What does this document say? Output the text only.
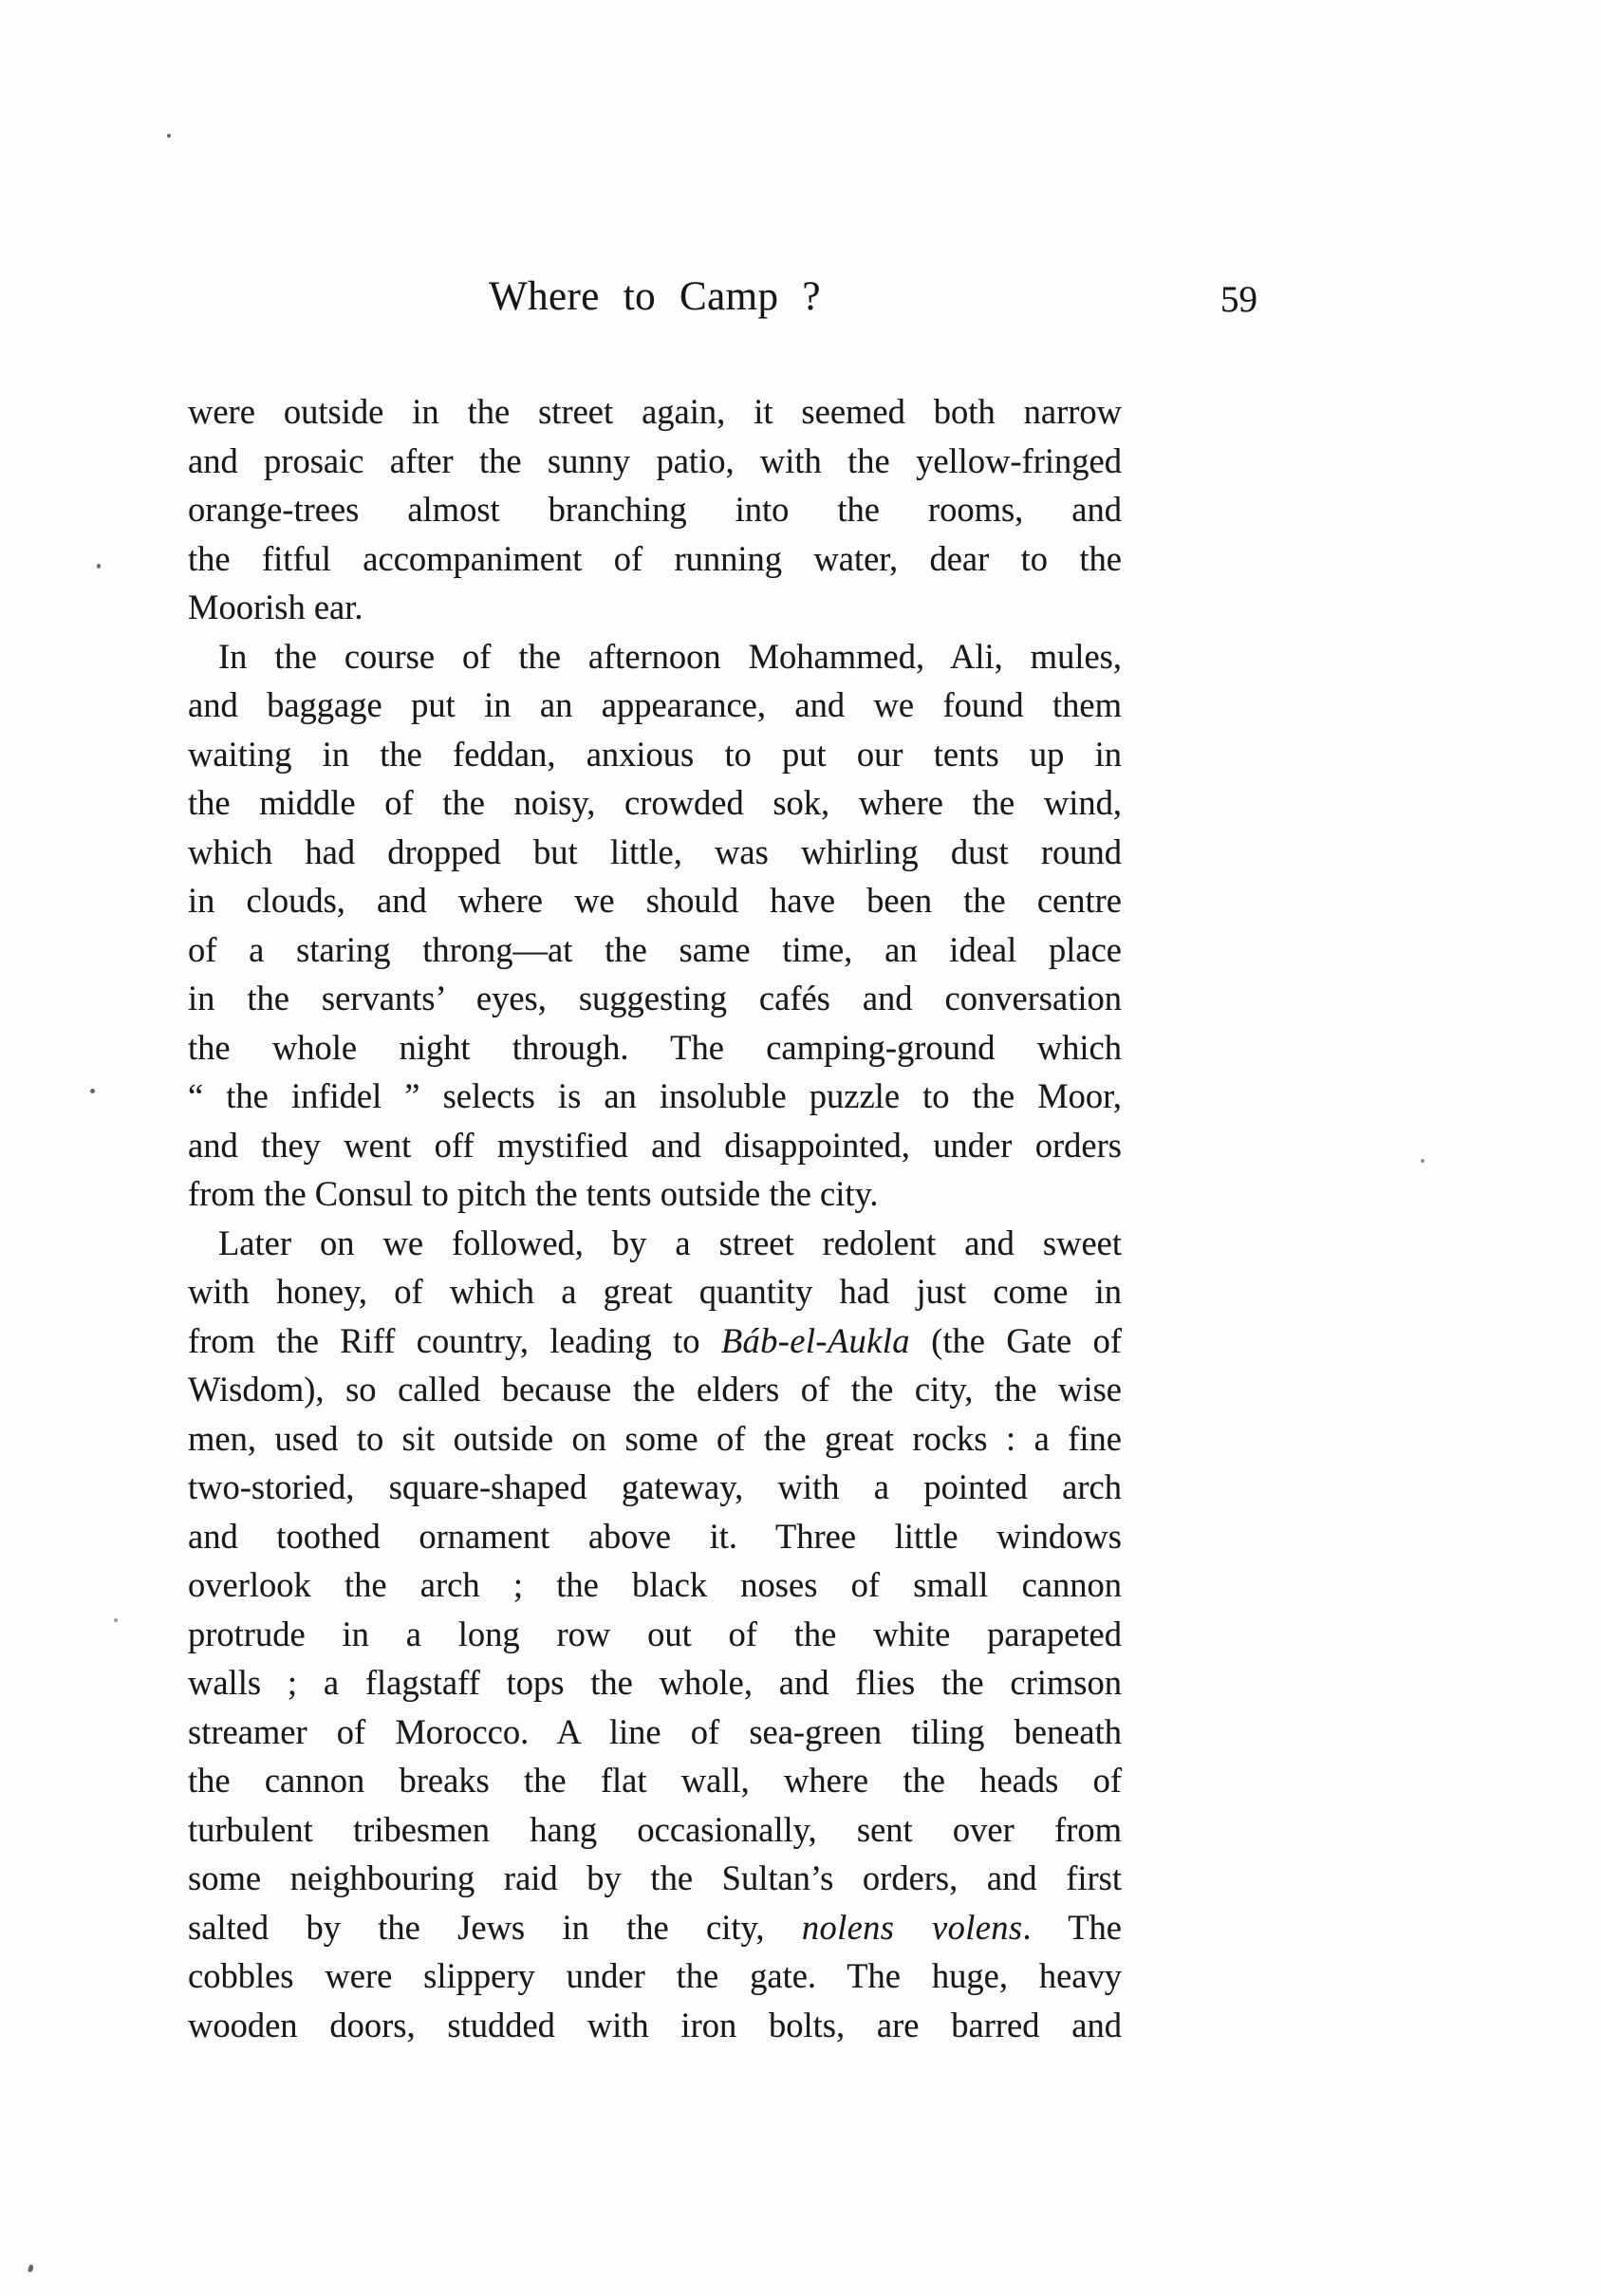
Where to Camp ?	59
were outside in the street again, it seemed both narrow
and prosaic after the sunny patio, with the yellow-fringed
orange-trees almost branching into the rooms, and
the fitful accompaniment of running water, dear to the
Moorish ear.
In the course of the afternoon Mohammed, Ali, mules,
and baggage put in an appearance, and we found them
waiting in the feddan, anxious to put our tents up in
the middle of the noisy, crowded sok, where the wind,
which had dropped but little, was whirling dust round
in clouds, and where we should have been the centre
of a staring throng—at the same time, an ideal place
in the servants’ eyes, suggesting cafés and conversation
the whole night through. The camping-ground which
“ the infidel ” selects is an insoluble puzzle to the Moor,
and they went off mystified and disappointed, under orders
from the Consul to pitch the tents outside the city.
Later on we followed, by a street redolent and sweet
with honey, of which a great quantity had just come in
from the Riff country, leading to Báb-el-Aukla (the Gate of
Wisdom), so called because the elders of the city, the wise
men, used to sit outside on some of the great rocks : a fine
two-storied, square-shaped gateway, with a pointed arch
and toothed ornament above it. Three little windows
overlook the arch ; the black noses of small cannon
protrude in a long row out of the white parapeted
walls ; a flagstaff tops the whole, and flies the crimson
streamer of Morocco. A line of sea-green tiling beneath
the cannon breaks the flat wall, where the heads of
turbulent tribesmen hang occasionally, sent over from
some neighbouring raid by the Sultan’s orders, and first
salted by the Jews in the city, nolens volens. The
cobbles were slippery under the gate. The huge, heavy
wooden doors, studded with iron bolts, are barred and
